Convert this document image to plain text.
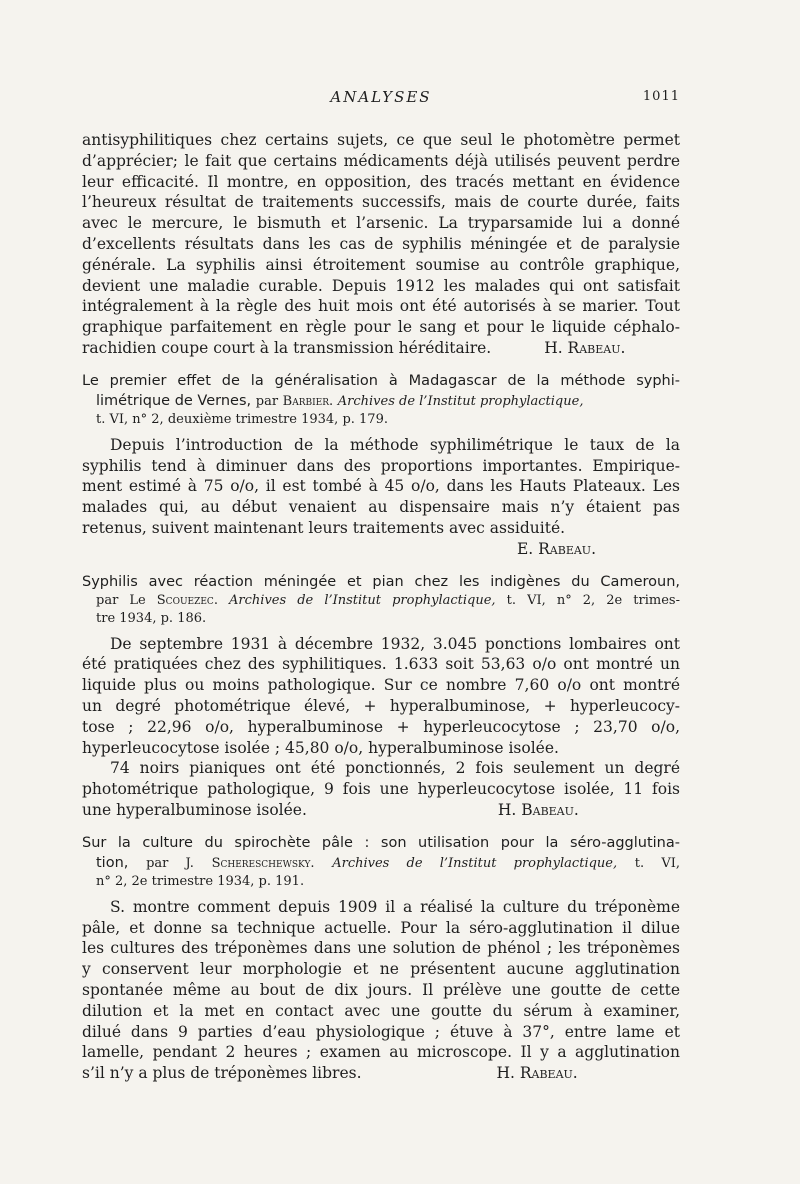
ANALYSES	1011
antisyphilitiques chez certains sujets, ce que seul le photomètre permet
d’apprécier; le fait que certains médicaments déjà utilisés peuvent perdre
leur efficacité. Il montre, en opposition, des tracés mettant en évidence
l’heureux résultat de traitements successifs, mais de courte durée, faits
avec le mercure, le bismuth et l’arsenic. La tryparsamide lui a donné
d’excellents résultats dans les cas de syphilis méningée et de paralysie
générale. La syphilis ainsi étroitement soumise au contrôle graphique,
devient une maladie curable. Depuis 1912 les malades qui ont satisfait
intégralement à la règle des huit mois ont été autorisés à se marier. Tout
graphique parfaitement en règle pour le sang et pour le liquide céphalo-
rachidien coupe court à la transmission héréditaire.	H. Rabeau.
Le premier effet de la généralisation à Madagascar de la méthode syphi-
limétrique de Vernes, par Barbier. Archives de l’Institut prophylactique,
t. VI, n° 2, deuxième trimestre 1934, p. 179.
Depuis l’introduction de la méthode syphilimétrique le taux de la
syphilis tend à diminuer dans des proportions importantes. Empirique-
ment estimé à 75 o/o, il est tombé à 45 o/o, dans les Hauts Plateaux. Les
malades qui, au début venaient au dispensaire mais n’y étaient pas
retenus, suivent maintenant leurs traitements avec assiduité.
E. Rabeau.
Syphilis avec réaction méningée et pian chez les indigènes du Cameroun,
par Le Scouezec. Archives de l’Institut prophylactique, t. VI, n° 2, 2e trimes-
tre 1934, p. 186.
De septembre 1931 à décembre 1932, 3.045 ponctions lombaires ont
été pratiquées chez des syphilitiques. 1.633 soit 53,63 o/o ont montré un
liquide plus ou moins pathologique. Sur ce nombre 7,60 o/o ont montré
un degré photométrique élevé, + hyperalbuminose, + hyperleucocy-
tose ; 22,96 o/o, hyperalbuminose + hyperleucocytose ; 23,70 o/o,
hyperleucocytose isolée ; 45,80 o/o, hyperalbuminose isolée.
74 noirs pianiques ont été ponctionnés, 2 fois seulement un degré
photométrique pathologique, 9 fois une hyperleucocytose isolée, 11 fois
une hyperalbuminose isolée.	H. Babeau.
Sur la culture du spirochète pâle : son utilisation pour la séro-agglutina-
tion, par J. Schereschewsky. Archives de l’Institut prophylactique, t. VI,
n° 2, 2e trimestre 1934, p. 191.
S. montre comment depuis 1909 il a réalisé la culture du tréponème
pâle, et donne sa technique actuelle. Pour la séro-agglutination il dilue
les cultures des tréponèmes dans une solution de phénol ; les tréponèmes
y conservent leur morphologie et ne présentent aucune agglutination
spontanée même au bout de dix jours. Il prélève une goutte de cette
dilution et la met en contact avec une goutte du sérum à examiner,
dilué dans 9 parties d’eau physiologique ; étuve à 37°, entre lame et
lamelle, pendant 2 heures ; examen au microscope. Il y a agglutination
s’il n’y a plus de tréponèmes libres.	H. Rabeau.
